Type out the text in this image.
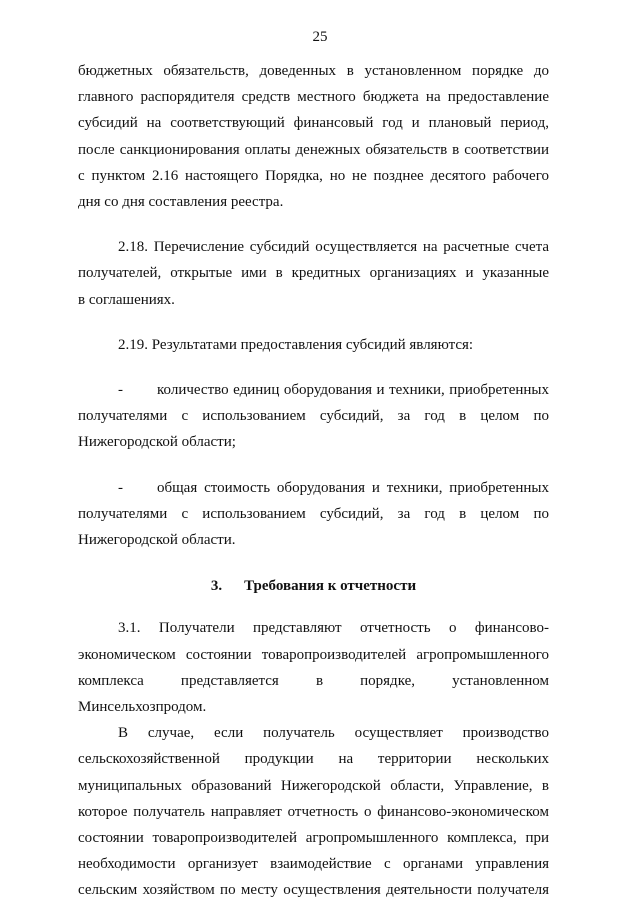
25

бюджетных обязательств, доведенных в установленном порядке до
главного распорядителя средств местного бюджета на предоставление
субсидий на соответствующий финансовый год и плановый период,
после санкционирования оплаты денежных обязательств в соответствии
с пунктом 2.16 настоящего Порядка, но не позднее десятого рабочего
дня со дня составления реестра.

2.18. Перечисление субсидий осуществляется на расчетные счета
получателей, открытые ими в кредитных организациях и указанные
в соглашениях.

2.19. Результатами предоставления субсидий являются:

-	количество единиц оборудования и техники, приобретенных
получателями с использованием субсидий, за год в целом по
Нижегородской области;

-	общая стоимость оборудования и техники, приобретенных
получателями с использованием субсидий, за год в целом по
Нижегородской области.

3. Требования к отчетности

3.1. Получатели представляют отчетность о финансово-
экономическом состоянии товаропроизводителей агропромышленного
комплекса представляется в порядке, установленном
Минсельхозпродом.

В случае, если получатель осуществляет производство
сельскохозяйственной продукции на территории нескольких
муниципальных образований Нижегородской области, Управление, в
которое получатель направляет отчетность о финансово-экономическом
состоянии товаропроизводителей агропромышленного комплекса, при
необходимости организует взаимодействие с органами управления
сельским хозяйством по месту осуществления деятельности получателя
